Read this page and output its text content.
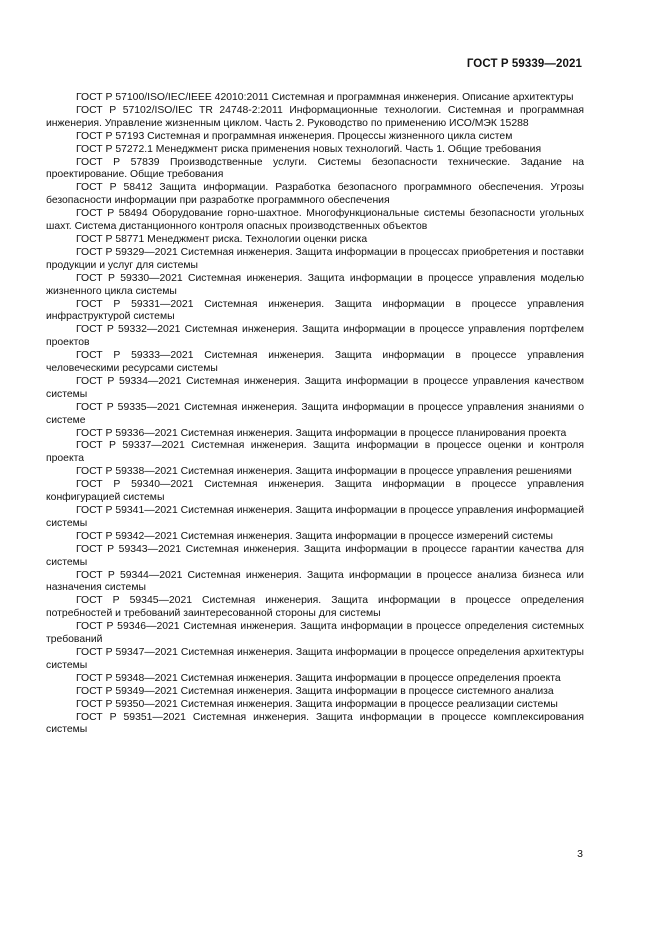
ГОСТ Р 59339—2021

ГОСТ Р 57100/ISO/IEC/IEEE 42010:2011 Системная и программная инженерия. Описание архитектуры

ГОСТ Р 57102/ISO/IEC TR 24748-2:2011 Информационные технологии. Системная и программная инженерия. Управление жизненным циклом. Часть 2. Руководство по применению ИСО/МЭК 15288

ГОСТ Р 57193 Системная и программная инженерия. Процессы жизненного цикла систем

ГОСТ Р 57272.1 Менеджмент риска применения новых технологий. Часть 1. Общие требования

ГОСТ Р 57839 Производственные услуги. Системы безопасности технические. Задание на проектирование. Общие требования

ГОСТ Р 58412 Защита информации. Разработка безопасного программного обеспечения. Угрозы безопасности информации при разработке программного обеспечения

ГОСТ Р 58494 Оборудование горно-шахтное. Многофункциональные системы безопасности угольных шахт. Система дистанционного контроля опасных производственных объектов

ГОСТ Р 58771 Менеджмент риска. Технологии оценки риска

ГОСТ Р 59329—2021 Системная инженерия. Защита информации в процессах приобретения и поставки продукции и услуг для системы

ГОСТ Р 59330—2021 Системная инженерия. Защита информации в процессе управления моделью жизненного цикла системы

ГОСТ Р 59331—2021 Системная инженерия. Защита информации в процессе управления инфраструктурой системы

ГОСТ Р 59332—2021 Системная инженерия. Защита информации в процессе управления портфелем проектов

ГОСТ Р 59333—2021 Системная инженерия. Защита информации в процессе управления человеческими ресурсами системы

ГОСТ Р 59334—2021 Системная инженерия. Защита информации в процессе управления качеством системы

ГОСТ Р 59335—2021 Системная инженерия. Защита информации в процессе управления знаниями о системе

ГОСТ Р 59336—2021 Системная инженерия. Защита информации в процессе планирования проекта

ГОСТ Р 59337—2021 Системная инженерия. Защита информации в процессе оценки и контроля проекта

ГОСТ Р 59338—2021 Системная инженерия. Защита информации в процессе управления решениями

ГОСТ Р 59340—2021 Системная инженерия. Защита информации в процессе управления конфигурацией системы

ГОСТ Р 59341—2021 Системная инженерия. Защита информации в процессе управления информацией системы

ГОСТ Р 59342—2021 Системная инженерия. Защита информации в процессе измерений системы

ГОСТ Р 59343—2021 Системная инженерия. Защита информации в процессе гарантии качества для системы

ГОСТ Р 59344—2021 Системная инженерия. Защита информации в процессе анализа бизнеса или назначения системы

ГОСТ Р 59345—2021 Системная инженерия. Защита информации в процессе определения потребностей и требований заинтересованной стороны для системы

ГОСТ Р 59346—2021 Системная инженерия. Защита информации в процессе определения системных требований

ГОСТ Р 59347—2021 Системная инженерия. Защита информации в процессе определения архитектуры системы

ГОСТ Р 59348—2021 Системная инженерия. Защита информации в процессе определения проекта

ГОСТ Р 59349—2021 Системная инженерия. Защита информации в процессе системного анализа

ГОСТ Р 59350—2021 Системная инженерия. Защита информации в процессе реализации системы

ГОСТ Р 59351—2021 Системная инженерия. Защита информации в процессе комплексирования системы

3
